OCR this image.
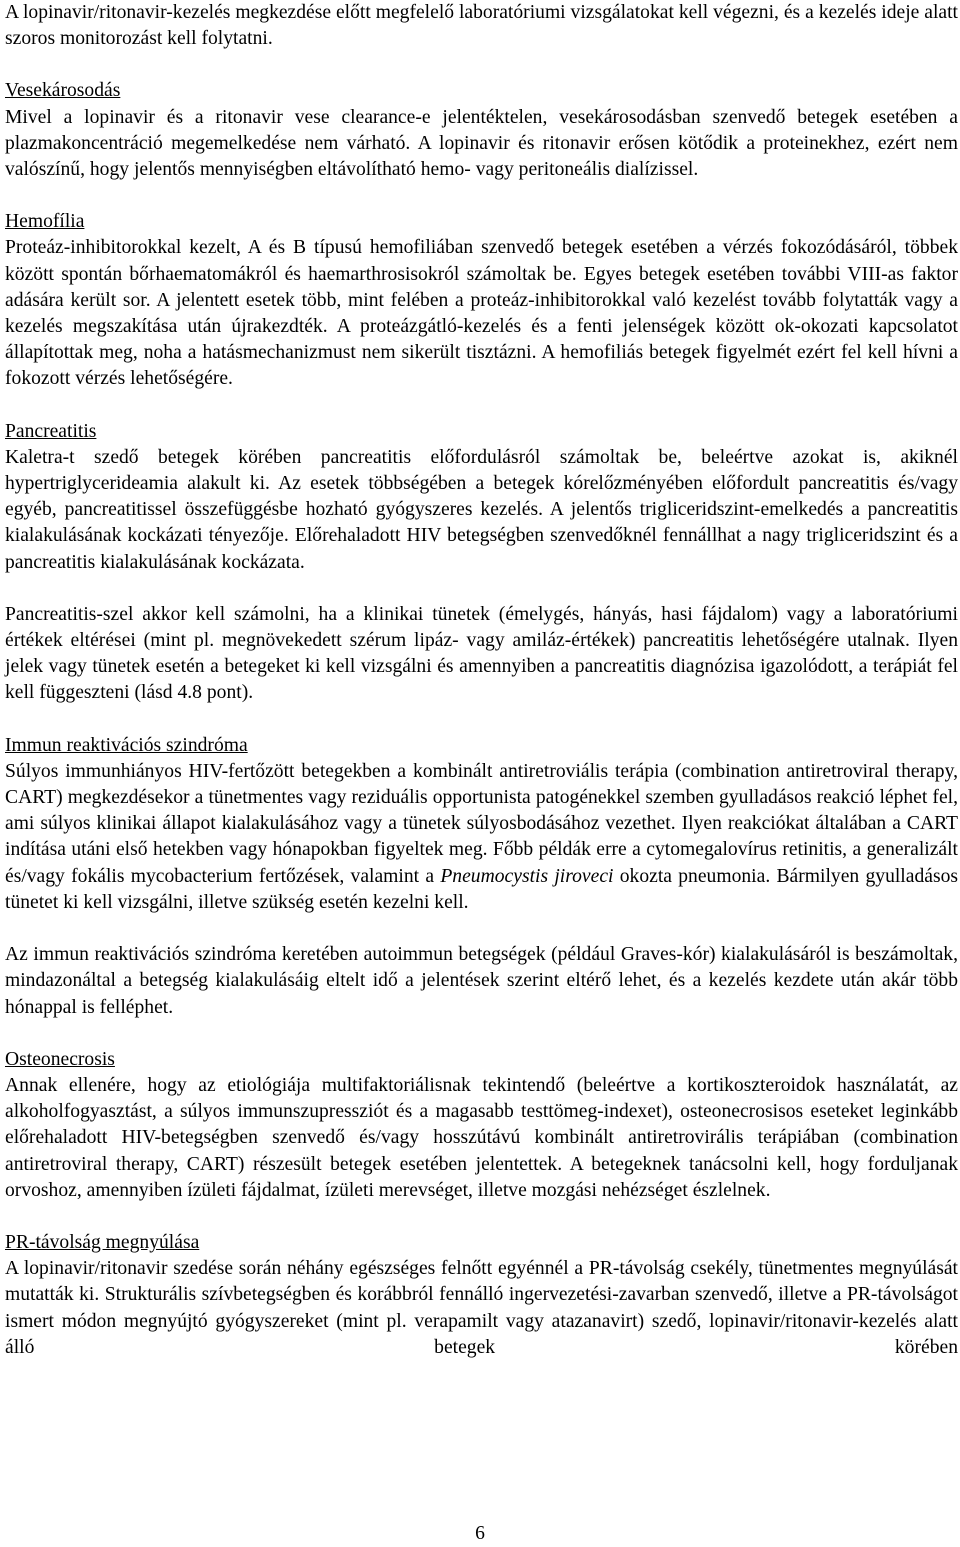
A lopinavir/ritonavir-kezelés megkezdése előtt megfelelő laboratóriumi vizsgálatokat kell végezni, és a kezelés ideje alatt szoros monitorozást kell folytatni.

Vesekárosodás

Mivel a lopinavir és a ritonavir vese clearance-e jelentéktelen, vesekárosodásban szenvedő betegek esetében a plazmakoncentráció megemelkedése nem várható. A lopinavir és ritonavir erősen kötődik a proteinekhez, ezért nem valószínű, hogy jelentős mennyiségben eltávolítható hemo- vagy peritoneális dialízissel.

Hemofília

Proteáz-inhibitorokkal kezelt, A és B típusú hemofiliában szenvedő betegek esetében a vérzés fokozódásáról, többek között spontán bőrhaematomákról és haemarthrosisokról számoltak be. Egyes betegek esetében további VIII-as faktor adására került sor. A jelentett esetek több, mint felében a proteáz-inhibitorokkal való kezelést tovább folytatták vagy a kezelés megszakítása után újrakezdték. A proteázgátló-kezelés és a fenti jelenségek között ok-okozati kapcsolatot állapítottak meg, noha a hatásmechanizmust nem sikerült tisztázni. A hemofiliás betegek figyelmét ezért fel kell hívni a fokozott vérzés lehetőségére.

Pancreatitis

Kaletra-t szedő betegek körében pancreatitis előfordulásról számoltak be, beleértve azokat is, akiknél hypertriglycerideamia alakult ki. Az esetek többségében a betegek kórelőzményében előfordult pancreatitis és/vagy egyéb, pancreatitissel összefüggésbe hozható gyógyszeres kezelés. A jelentős trigliceridszint-emelkedés a pancreatitis kialakulásának kockázati tényezője. Előrehaladott HIV betegségben szenvedőknél fennállhat a nagy trigliceridszint és a pancreatitis kialakulásának kockázata.

Pancreatitis-szel akkor kell számolni, ha a klinikai tünetek (émelygés, hányás, hasi fájdalom) vagy a laboratóriumi értékek eltérései (mint pl. megnövekedett szérum lipáz- vagy amiláz-értékek) pancreatitis lehetőségére utalnak. Ilyen jelek vagy tünetek esetén a betegeket ki kell vizsgálni és amennyiben a pancreatitis diagnózisa igazolódott, a terápiát fel kell függeszteni (lásd 4.8 pont).

Immun reaktivációs szindróma

Súlyos immunhiányos HIV-fertőzött betegekben a kombinált antiretroviális terápia (combination antiretroviral therapy, CART) megkezdésekor a tünetmentes vagy reziduális opportunista patogénekkel szemben gyulladásos reakció léphet fel, ami súlyos klinikai állapot kialakulásához vagy a tünetek súlyosbodásához vezethet. Ilyen reakciókat általában a CART indítása utáni első hetekben vagy hónapokban figyeltek meg. Főbb példák erre a cytomegalovírus retinitis, a generalizált és/vagy fokális mycobacterium fertőzések, valamint a Pneumocystis jiroveci okozta pneumonia. Bármilyen gyulladásos tünetet ki kell vizsgálni, illetve szükség esetén kezelni kell.

Az immun reaktivációs szindróma keretében autoimmun betegségek (például Graves-kór) kialakulásáról is beszámoltak, mindazonáltal a betegség kialakulásáig eltelt idő a jelentések szerint eltérő lehet, és a kezelés kezdete után akár több hónappal is felléphet.

Osteonecrosis

Annak ellenére, hogy az etiológiája multifaktoriálisnak tekintendő (beleértve a kortikoszteroidok használatát, az alkoholfogyasztást, a súlyos immunszupressziót és a magasabb testtömeg-indexet), osteonecrosisos eseteket leginkább előrehaladott HIV-betegségben szenvedő és/vagy hosszútávú kombinált antiretrovirális terápiában (combination antiretroviral therapy, CART) részesült betegek esetében jelentettek. A betegeknek tanácsolni kell, hogy forduljanak orvoshoz, amennyiben ízületi fájdalmat, ízületi merevséget, illetve mozgási nehézséget észlelnek.

PR-távolság megnyúlása

A lopinavir/ritonavir szedése során néhány egészséges felnőtt egyénnél a PR-távolság csekély, tünetmentes megnyúlását mutatták ki. Strukturális szívbetegségben és korábbról fennálló ingervezetési-zavarban szenvedő, illetve a PR-távolságot ismert módon megnyújtó gyógyszereket (mint pl. verapamilt vagy atazanavirt) szedő, lopinavir/ritonavir-kezelés alatt álló betegek körében

6
